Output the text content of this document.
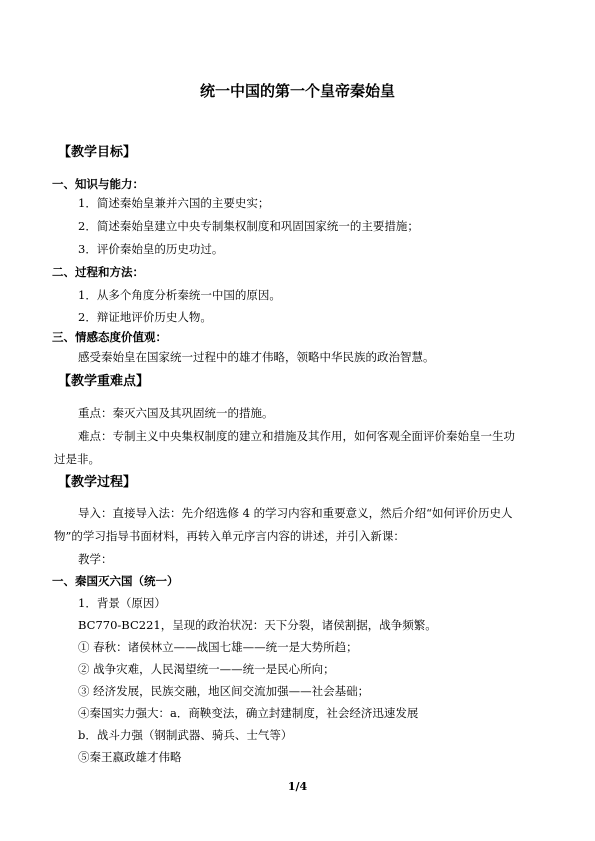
统一中国的第一个皇帝秦始皇
【教学目标】
一、知识与能力：
1．简述秦始皇兼并六国的主要史实；
2．简述秦始皇建立中央专制集权制度和巩固国家统一的主要措施；
3．评价秦始皇的历史功过。
二、过程和方法：
1．从多个角度分析秦统一中国的原因。
2．辩证地评价历史人物。
三、情感态度价值观：
感受秦始皇在国家统一过程中的雄才伟略，领略中华民族的政治智慧。
【教学重难点】
重点：秦灭六国及其巩固统一的措施。
难点：专制主义中央集权制度的建立和措施及其作用，如何客观全面评价秦始皇一生功
过是非。
【教学过程】
导入：直接导入法：先介绍选修 4 的学习内容和重要意义，然后介绍“如何评价历史人
物”的学习指导书面材料，再转入单元序言内容的讲述，并引入新课：
教学：
一、秦国灭六国（统一）
1．背景（原因）
BC770-BC221，呈现的政治状况：天下分裂，诸侯割据，战争频繁。
① 春秋：诸侯林立——战国七雄——统一是大势所趋；
② 战争灾难，人民渴望统一——统一是民心所向；
③ 经济发展，民族交融，地区间交流加强——社会基础；
④秦国实力强大：a．商鞅变法，确立封建制度，社会经济迅速发展
b．战斗力强（钢制武器、骑兵、士气等）
⑤秦王嬴政雄才伟略
1/4
